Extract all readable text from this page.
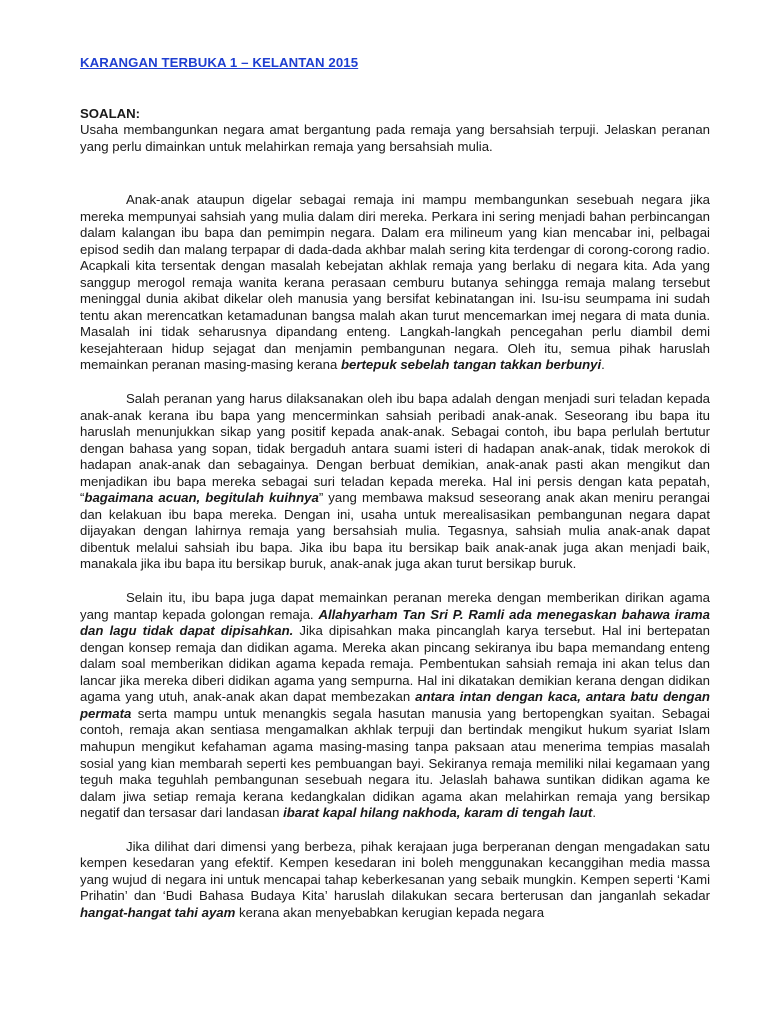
KARANGAN TERBUKA 1 – KELANTAN 2015
SOALAN:

Usaha membangunkan negara amat bergantung pada remaja yang bersahsiah terpuji. Jelaskan peranan yang perlu dimainkan untuk melahirkan remaja yang bersahsiah mulia.

Anak-anak ataupun digelar sebagai remaja ini mampu membangunkan sesebuah negara jika mereka mempunyai sahsiah yang mulia dalam diri mereka. Perkara ini sering menjadi bahan perbincangan dalam kalangan ibu bapa dan pemimpin negara. Dalam era milineum yang kian mencabar ini, pelbagai episod sedih dan malang terpapar di dada-dada akhbar malah sering kita terdengar di corong-corong radio. Acapkali kita tersentak dengan masalah kebejatan akhlak remaja yang berlaku di negara kita. Ada yang sanggup merogol remaja wanita kerana perasaan cemburu butanya sehingga remaja malang tersebut meninggal dunia akibat dikelar oleh manusia yang bersifat kebinatangan ini. Isu-isu seumpama ini sudah tentu akan merencatkan ketamadunan bangsa malah akan turut mencemarkan imej negara di mata dunia. Masalah ini tidak seharusnya dipandang enteng. Langkah-langkah pencegahan perlu diambil demi kesejahteraan hidup sejagat dan menjamin pembangunan negara. Oleh itu, semua pihak haruslah memainkan peranan masing-masing kerana bertepuk sebelah tangan takkan berbunyi.

Salah peranan yang harus dilaksanakan oleh ibu bapa adalah dengan menjadi suri teladan kepada anak-anak kerana ibu bapa yang mencerminkan sahsiah peribadi anak-anak. Seseorang ibu bapa itu haruslah menunjukkan sikap yang positif kepada anak-anak. Sebagai contoh, ibu bapa perlulah bertutur dengan bahasa yang sopan, tidak bergaduh antara suami isteri di hadapan anak-anak, tidak merokok di hadapan anak-anak dan sebagainya. Dengan berbuat demikian, anak-anak pasti akan mengikut dan menjadikan ibu bapa mereka sebagai suri teladan kepada mereka. Hal ini persis dengan kata pepatah, “bagaimana acuan, begitulah kuihnya” yang membawa maksud seseorang anak akan meniru perangai dan kelakuan ibu bapa mereka. Dengan ini, usaha untuk merealisasikan pembangunan negara dapat dijayakan dengan lahirnya remaja yang bersahsiah mulia. Tegasnya, sahsiah mulia anak-anak dapat dibentuk melalui sahsiah ibu bapa. Jika ibu bapa itu bersikap baik anak-anak juga akan menjadi baik, manakala jika ibu bapa itu bersikap buruk, anak-anak juga akan turut bersikap buruk.

Selain itu, ibu bapa juga dapat memainkan peranan mereka dengan memberikan dirikan agama yang mantap kepada golongan remaja. Allahyarham Tan Sri P. Ramli ada menegaskan bahawa irama dan lagu tidak dapat dipisahkan. Jika dipisahkan maka pincanglah karya tersebut. Hal ini bertepatan dengan konsep remaja dan didikan agama. Mereka akan pincang sekiranya ibu bapa memandang enteng dalam soal memberikan didikan agama kepada remaja. Pembentukan sahsiah remaja ini akan telus dan lancar jika mereka diberi didikan agama yang sempurna. Hal ini dikatakan demikian kerana dengan didikan agama yang utuh, anak-anak akan dapat membezakan antara intan dengan kaca, antara batu dengan permata serta mampu untuk menangkis segala hasutan manusia yang bertopengkan syaitan. Sebagai contoh, remaja akan sentiasa mengamalkan akhlak terpuji dan bertindak mengikut hukum syariat Islam mahupun mengikut kefahaman agama masing-masing tanpa paksaan atau menerima tempias masalah sosial yang kian membarah seperti kes pembuangan bayi. Sekiranya remaja memiliki nilai kegamaan yang teguh maka teguhlah pembangunan sesebuah negara itu. Jelaslah bahawa suntikan didikan agama ke dalam jiwa setiap remaja kerana kedangkalan didikan agama akan melahirkan remaja yang bersikap negatif dan tersasar dari landasan ibarat kapal hilang nakhoda, karam di tengah laut.

Jika dilihat dari dimensi yang berbeza, pihak kerajaan juga berperanan dengan mengadakan satu kempen kesedaran yang efektif. Kempen kesedaran ini boleh menggunakan kecanggihan media massa yang wujud di negara ini untuk mencapai tahap keberkesanan yang sebaik mungkin. Kempen seperti ‘Kami Prihatin’ dan ‘Budi Bahasa Budaya Kita’ haruslah dilakukan secara berterusan dan janganlah sekadar hangat-hangat tahi ayam kerana akan menyebabkan kerugian kepada negara
